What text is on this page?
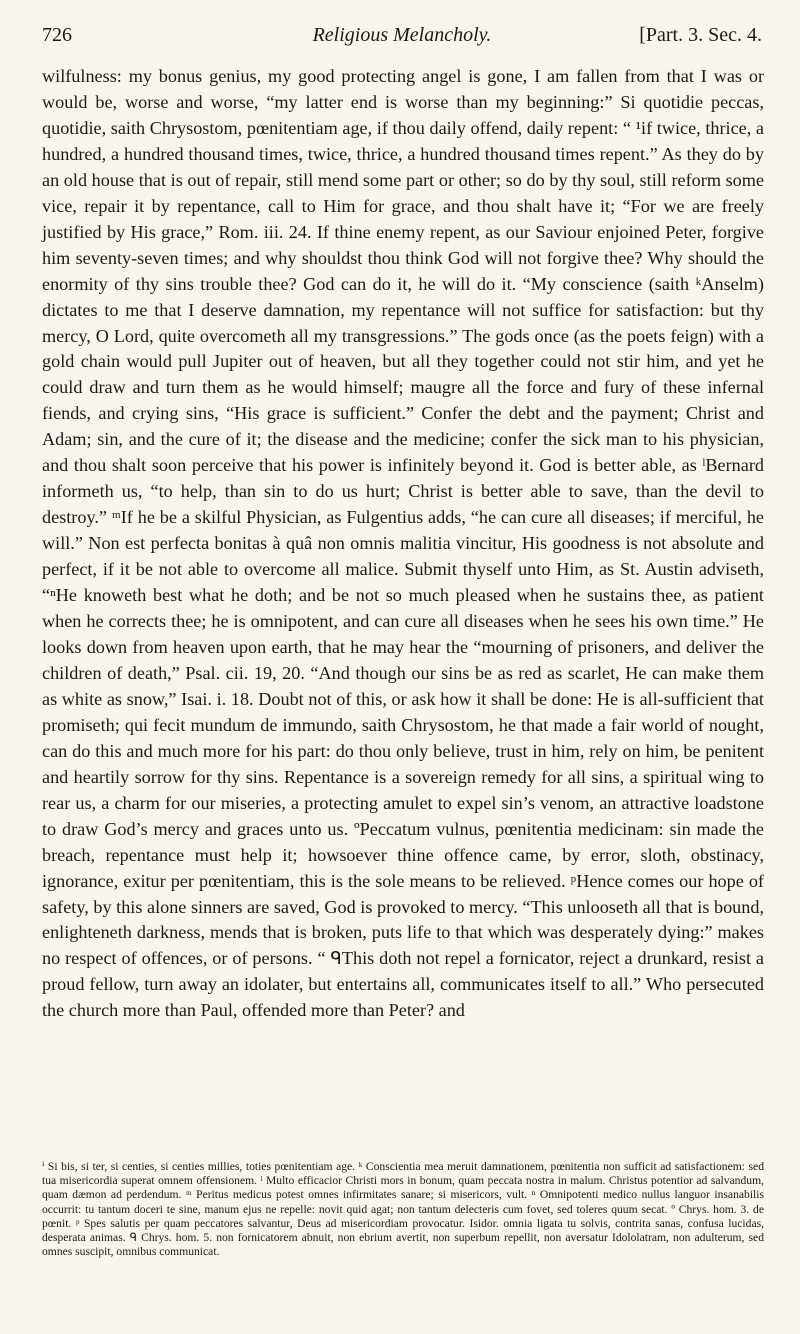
726	Religious Melancholy.	[Part. 3. Sec. 4.

wilfulness: my bonus genius, my good protecting angel is gone, I am fallen from that I was or would be, worse and worse, “my latter end is worse than my beginning:” Si quotidie peccas, quotidie, saith Chrysostom, pœnitentiam age, if thou daily offend, daily repent: “ ¹if twice, thrice, a hundred, a hundred thousand times, twice, thrice, a hundred thousand times repent.” As they do by an old house that is out of repair, still mend some part or other; so do by thy soul, still reform some vice, repair it by repentance, call to Him for grace, and thou shalt have it; “For we are freely justified by His grace,” Rom. iii. 24. If thine enemy repent, as our Saviour enjoined Peter, forgive him seventy-seven times; and why shouldst thou think God will not forgive thee? Why should the enormity of thy sins trouble thee? God can do it, he will do it. “My conscience (saith ᵏAnselm) dictates to me that I deserve damnation, my repentance will not suffice for satisfaction: but thy mercy, O Lord, quite overcometh all my transgressions.” The gods once (as the poets feign) with a gold chain would pull Jupiter out of heaven, but all they together could not stir him, and yet he could draw and turn them as he would himself; maugre all the force and fury of these infernal fiends, and crying sins, “His grace is sufficient.” Confer the debt and the payment; Christ and Adam; sin, and the cure of it; the disease and the medicine; confer the sick man to his physician, and thou shalt soon perceive that his power is infinitely beyond it. God is better able, as ˡBernard informeth us, “to help, than sin to do us hurt; Christ is better able to save, than the devil to destroy.” ᵐIf he be a skilful Physician, as Fulgentius adds, “he can cure all diseases; if merciful, he will.” Non est perfecta bonitas à quâ non omnis malitia vincitur, His goodness is not absolute and perfect, if it be not able to overcome all malice. Submit thyself unto Him, as St. Austin adviseth, “ⁿHe knoweth best what he doth; and be not so much pleased when he sustains thee, as patient when he corrects thee; he is omnipotent, and can cure all diseases when he sees his own time.” He looks down from heaven upon earth, that he may hear the “mourning of prisoners, and deliver the children of death,” Psal. cii. 19, 20. “And though our sins be as red as scarlet, He can make them as white as snow,” Isai. i. 18. Doubt not of this, or ask how it shall be done: He is all-sufficient that promiseth; qui fecit mundum de immundo, saith Chrysostom, he that made a fair world of nought, can do this and much more for his part: do thou only believe, trust in him, rely on him, be penitent and heartily sorrow for thy sins. Repentance is a sovereign remedy for all sins, a spiritual wing to rear us, a charm for our miseries, a protecting amulet to expel sin’s venom, an attractive loadstone to draw God’s mercy and graces unto us. ºPeccatum vulnus, pœnitentia medicinam: sin made the breach, repentance must help it; howsoever thine offence came, by error, sloth, obstinacy, ignorance, exitur per pœnitentiam, this is the sole means to be relieved. ᵖHence comes our hope of safety, by this alone sinners are saved, God is provoked to mercy. “This unlooseth all that is bound, enlighteneth darkness, mends that is broken, puts life to that which was desperately dying:” makes no respect of offences, or of persons. “ ᑫThis doth not repel a fornicator, reject a drunkard, resist a proud fellow, turn away an idolater, but entertains all, communicates itself to all.” Who persecuted the church more than Paul, offended more than Peter? and

ⁱ Si bis, si ter, si centies, si centies millies, toties pœnitentiam age. ᵏ Conscientia mea meruit damnationem, pœnitentia non sufficit ad satisfactionem: sed tua misericordia superat omnem offensionem. ˡ Multo efficacior Christi mors in bonum, quam peccata nostra in malum. Christus potentior ad salvandum, quam dæmon ad perdendum. ᵐ Peritus medicus potest omnes infirmitates sanare; si misericors, vult. ⁿ Omnipotenti medico nullus languor insanabilis occurrit: tu tantum doceri te sine, manum ejus ne repelle: novit quid agat; non tantum delecteris cum fovet, sed toleres quum secat. º Chrys. hom. 3. de pœnit. ᵖ Spes salutis per quam peccatores salvantur, Deus ad misericordiam provocatur. Isidor. omnia ligata tu solvis, contrita sanas, confusa lucidas, desperata animas. ᑫ Chrys. hom. 5. non fornicatorem abnuit, non ebrium avertit, non superbum repellit, non aversatur Idololatram, non adulterum, sed omnes suscipit, omnibus communicat.
